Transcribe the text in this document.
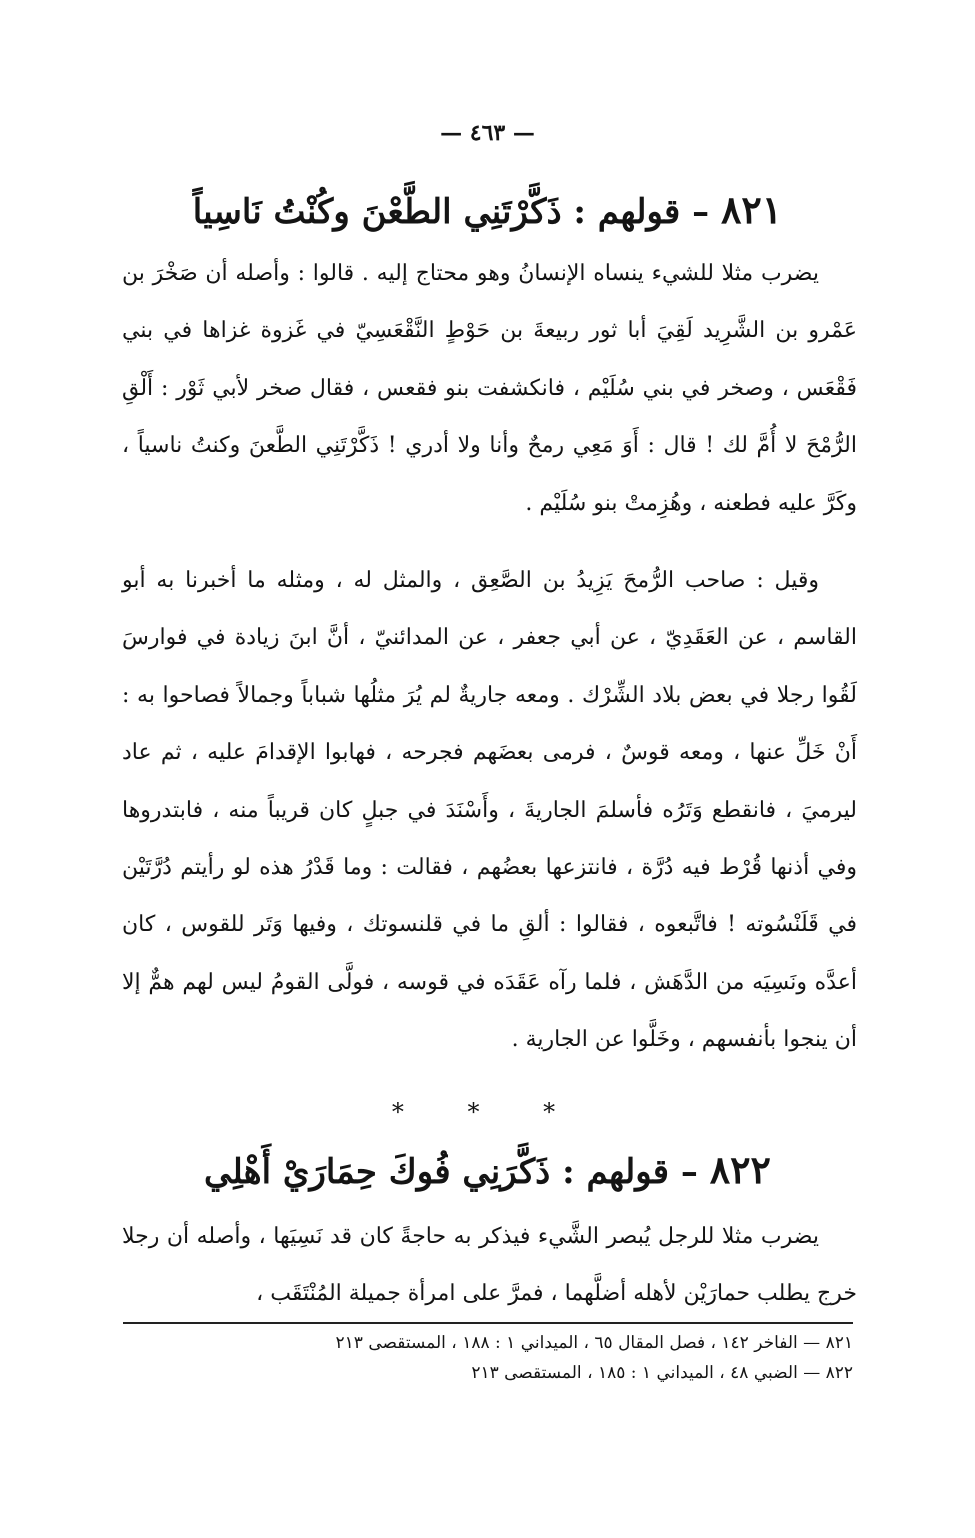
— ٤٦٣ —
٨٢١ – قولهم : ذَكَّرْتَنِي الطَّعْنَ وكُنْتُ نَاسِياً
يضرب مثلا للشيء ينساه الإنسانُ وهو محتاج إليه . قالوا : وأصله أن صَخْرَ بن عَمْرو بن الشَّرِيد لَقِيَ أبا ثور ربيعةَ بن حَوْطٍ النَّقْعَسِيّ في غَزوة غزاها في بني فَقْعَس ، وصخر في بني سُلَيْم ، فانكشفت بنو فقعس ، فقال صخر لأبي ثَوْر : أَلْقِ الرُّمْحَ لا أُمَّ لك ! قال : أَوَ مَعِي رمحٌ وأنا ولا أدري ! ذَكَّرْتَنِي الطَّعنَ وكنتُ ناسياً ، وكَرَّ عليه فطعنه ، وهُزِمتْ بنو سُلَيْم .
وقيل : صاحب الرُّمحَ يَزِيدُ بن الصَّعِق ، والمثل له ، ومثله ما أخبرنا به أبو القاسم ، عن العَقَدِيّ ، عن أبي جعفر ، عن المدائنيّ ، أنَّ ابنَ زيادة في فوارسَ لَقُوا رجلا في بعض بلاد الشِّرْك . ومعه جاريةٌ لم يُرَ مثلُها شباباً وجمالاً فصاحوا به : أَنْ خَلِّ عنها ، ومعه قوسٌ ، فرمى بعضَهم فجرحه ، فهابوا الإقدامَ عليه ، ثم عاد ليرميَ ، فانقطع وَتَرُه فأسلمَ الجاريةَ ، وأَسْنَدَ في جبلٍ كان قريباً منه ، فابتدروها وفي أذنها قُرْط فيه دُرَّة ، فانتزعها بعضُهم ، فقالت : وما قَدْرُ هذه لو رأيتم دُرَّتَيْن في قَلَنْسُوته ! فاتَّبعوه ، فقالوا : ألقِ ما في قلنسوتك ، وفيها وَتَر للقوس ، كان أعدَّه ونَسِيَه من الدَّهَش ، فلما رآه عَقَدَه في قوسه ، فولَّى القومُ ليس لهم همٌّ إلا أن ينجوا بأنفسهم ، وخَلَّوا عن الجارية .
* * *
٨٢٢ – قولهم : ذَكَّرَنِي فُوكَ حِمَارَيْ أَهْلِي
يضرب مثلا للرجل يُبصر الشَّيء فيذكر به حاجةً كان قد نَسِيَها ، وأصله أن رجلا خرج يطلب حمارَيْن لأهله أضلَّهما ، فمرَّ على امرأة جميلة المُنْتَقَب ،
٨٢١ — الفاخر ١٤٢ ، فصل المقال ٦٥ ، الميداني ١ : ١٨٨ ، المستقصى ٢١٣
٨٢٢ — الضبي ٤٨ ، الميداني ١ : ١٨٥ ، المستقصى ٢١٣
